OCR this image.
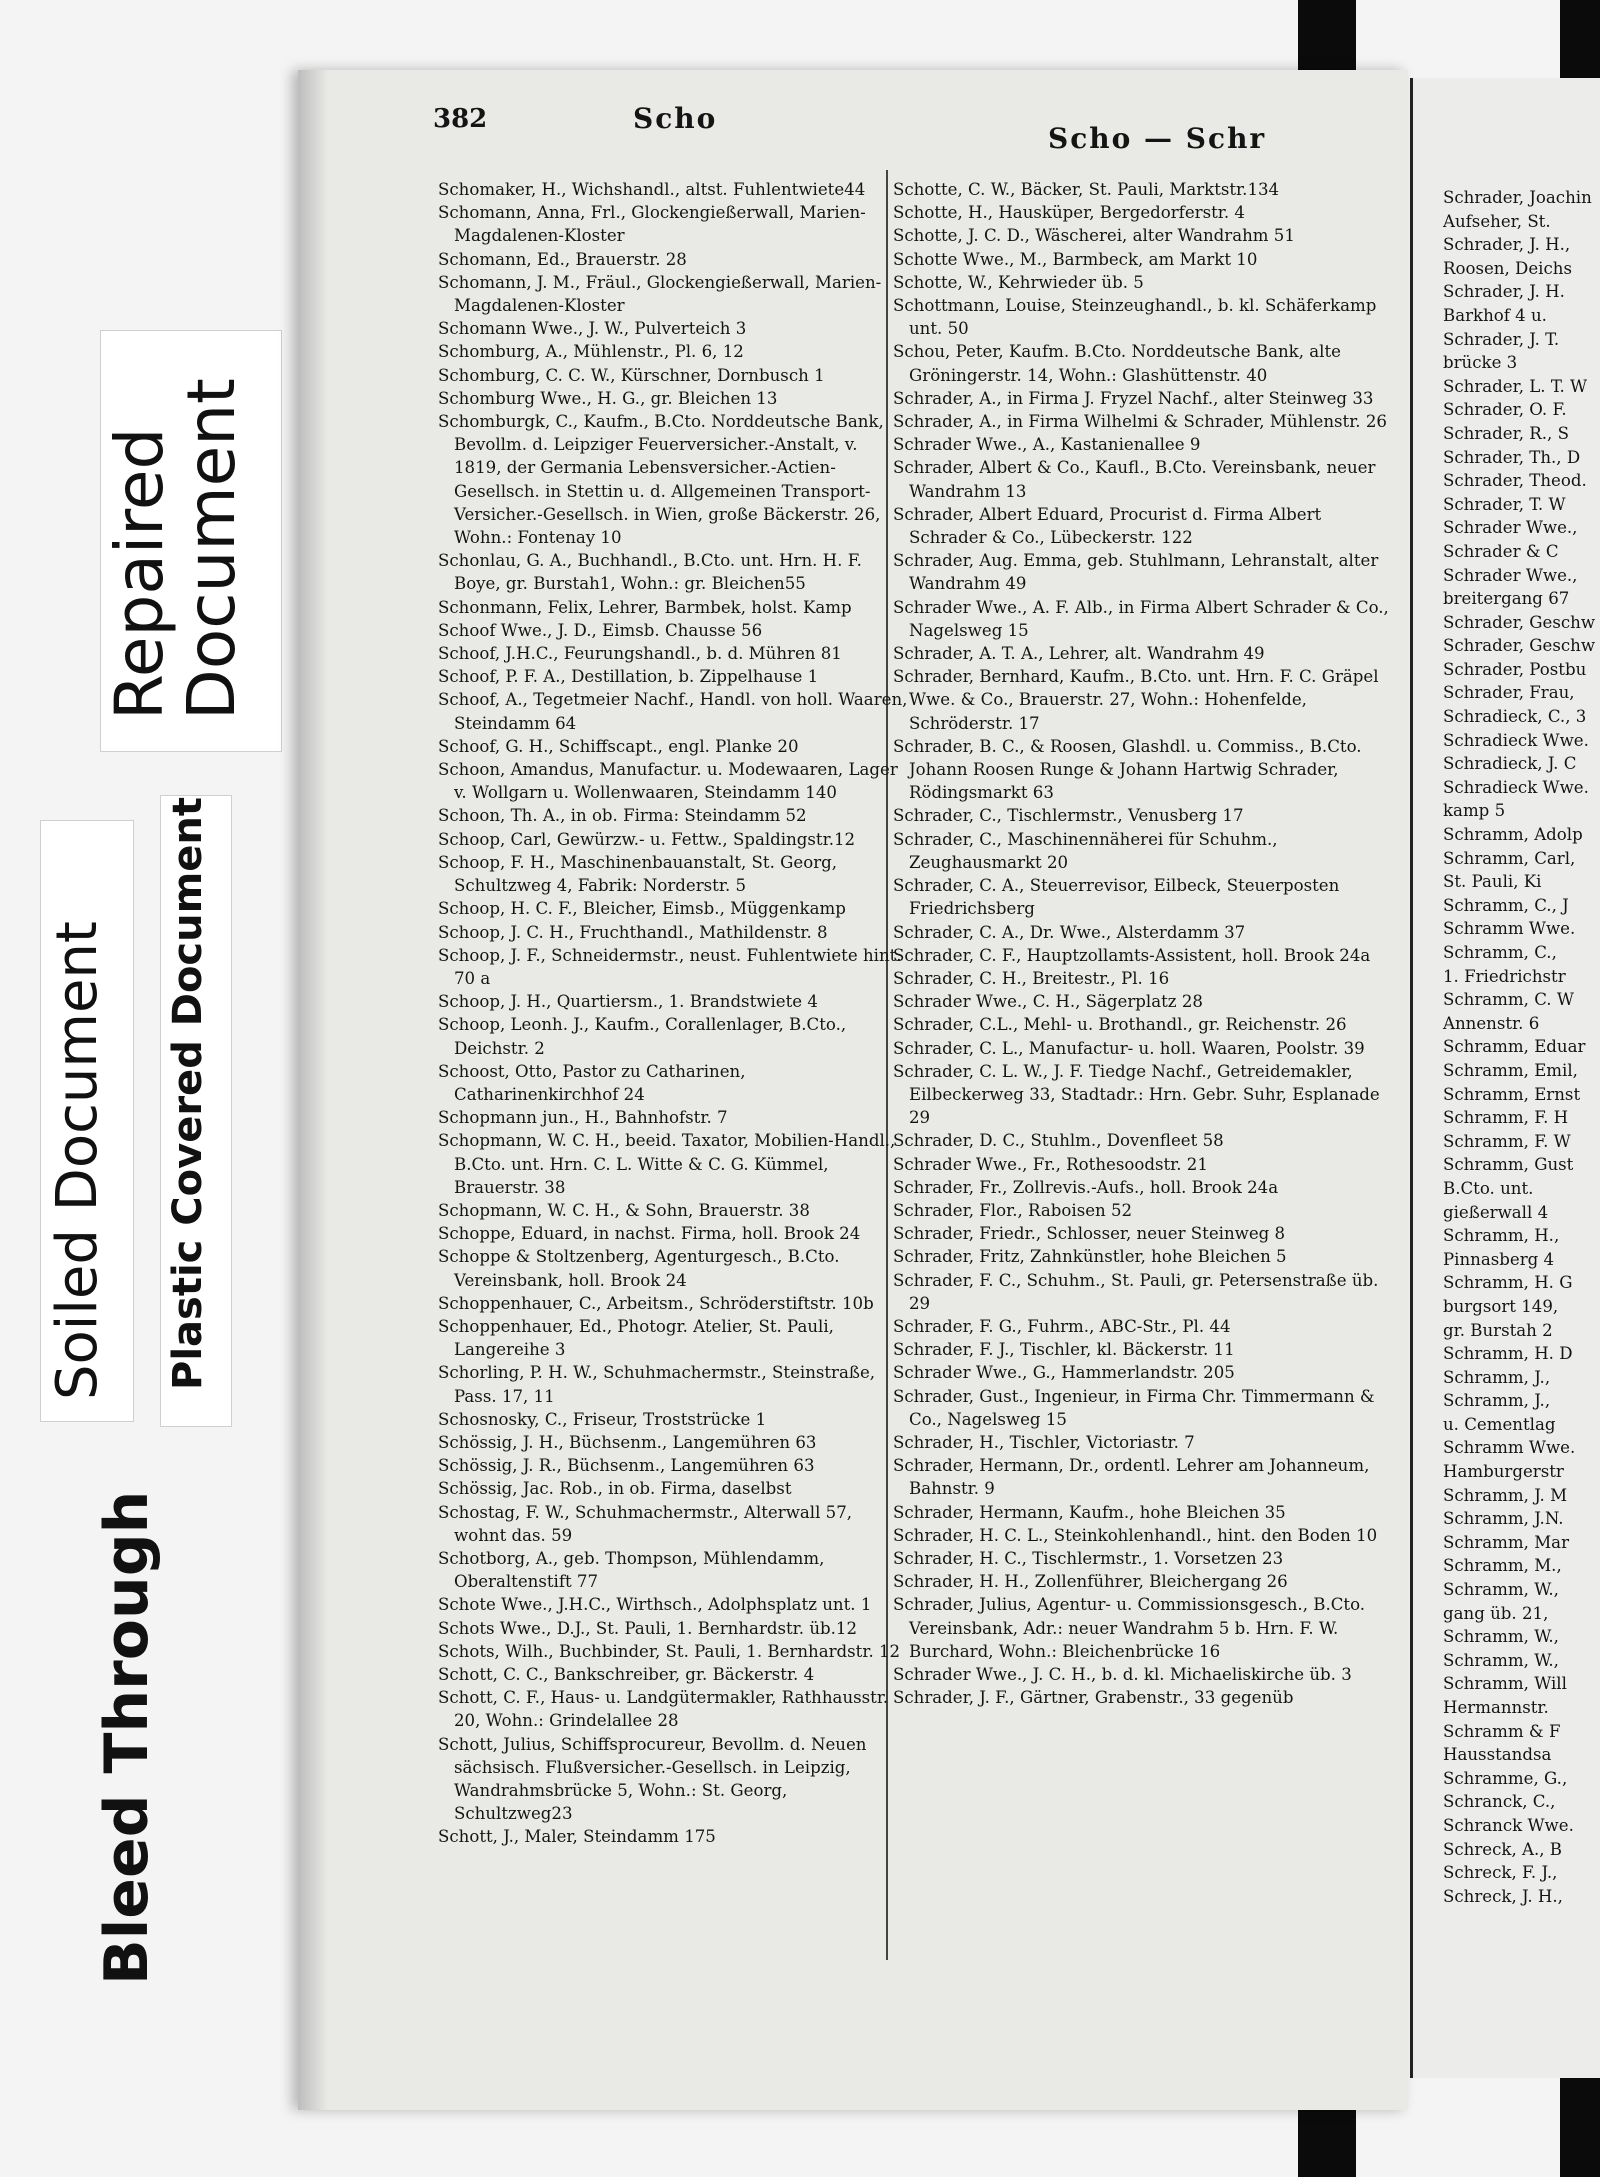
Bleed Through
Soiled Document Plastic Covered Document
Repaired Document
382	Scho
Scho — Schr

Schomaker, H., Wichshandl., altst. Fuhlentwiete44

Schomann, Anna, Frl., Glockengießerwall, Marien-Magdalenen-Kloster

Schomann, Ed., Brauerstr. 28

Schomann, J. M., Fräul., Glockengießerwall, Marien-Magdalenen-Kloster

Schomann Wwe., J. W., Pulverteich 3

Schomburg, A., Mühlenstr., Pl. 6, 12

Schomburg, C. C. W., Kürschner, Dornbusch 1

Schomburg Wwe., H. G., gr. Bleichen 13

Schomburgk, C., Kaufm., B.Cto. Norddeutsche Bank, Bevollm. d. Leipziger Feuerversicher.-Anstalt, v. 1819, der Germania Lebensversicher.-Actien-Gesellsch. in Stettin u. d. Allgemeinen Transport-Versicher.-Gesellsch. in Wien, große Bäckerstr. 26, Wohn.: Fontenay 10

Schonlau, G. A., Buchhandl., B.Cto. unt. Hrn. H. F. Boye, gr. Burstah1, Wohn.: gr. Bleichen55

Schonmann, Felix, Lehrer, Barmbek, holst. Kamp

Schoof Wwe., J. D., Eimsb. Chausse 56

Schoof, J.H.C., Feurungshandl., b. d. Mühren 81

Schoof, P. F. A., Destillation, b. Zippelhause 1

Schoof, A., Tegetmeier Nachf., Handl. von holl. Waaren, Steindamm 64

Schoof, G. H., Schiffscapt., engl. Planke 20

Schoon, Amandus, Manufactur. u. Modewaaren, Lager v. Wollgarn u. Wollenwaaren, Steindamm 140

Schoon, Th. A., in ob. Firma: Steindamm 52

Schoop, Carl, Gewürzw.- u. Fettw., Spaldingstr.12

Schoop, F. H., Maschinenbauanstalt, St. Georg, Schultzweg 4, Fabrik: Norderstr. 5

Schoop, H. C. F., Bleicher, Eimsb., Müggenkamp

Schoop, J. C. H., Fruchthandl., Mathildenstr. 8

Schoop, J. F., Schneidermstr., neust. Fuhlentwiete hint. 70 a

Schoop, J. H., Quartiersm., 1. Brandstwiete 4

Schoop, Leonh. J., Kaufm., Corallenlager, B.Cto., Deichstr. 2

Schoost, Otto, Pastor zu Catharinen, Catharinenkirchhof 24

Schopmann jun., H., Bahnhofstr. 7

Schopmann, W. C. H., beeid. Taxator, Mobilien-Handl., B.Cto. unt. Hrn. C. L. Witte & C. G. Kümmel, Brauerstr. 38

Schopmann, W. C. H., & Sohn, Brauerstr. 38

Schoppe, Eduard, in nachst. Firma, holl. Brook 24

Schoppe & Stoltzenberg, Agenturgesch., B.Cto. Vereinsbank, holl. Brook 24

Schoppenhauer, C., Arbeitsm., Schröderstiftstr. 10b

Schoppenhauer, Ed., Photogr. Atelier, St. Pauli, Langereihe 3

Schorling, P. H. W., Schuhmachermstr., Steinstraße, Pass. 17, 11

Schosnosky, C., Friseur, Troststrücke 1

Schössig, J. H., Büchsenm., Langemühren 63

Schössig, J. R., Büchsenm., Langemühren 63

Schössig, Jac. Rob., in ob. Firma, daselbst

Schostag, F. W., Schuhmachermstr., Alterwall 57, wohnt das. 59

Schotborg, A., geb. Thompson, Mühlendamm, Oberaltenstift 77

Schote Wwe., J.H.C., Wirthsch., Adolphsplatz unt. 1

Schots Wwe., D.J., St. Pauli, 1. Bernhardstr. üb.12

Schots, Wilh., Buchbinder, St. Pauli, 1. Bernhardstr. 12

Schott, C. C., Bankschreiber, gr. Bäckerstr. 4

Schott, C. F., Haus- u. Landgütermakler, Rathhausstr. 20, Wohn.: Grindelallee 28

Schott, Julius, Schiffsprocureur, Bevollm. d. Neuen sächsisch. Flußversicher.-Gesellsch. in Leipzig, Wandrahmsbrücke 5, Wohn.: St. Georg, Schultzweg23

Schott, J., Maler, Steindamm 175

Schotte, C. W., Bäcker, St. Pauli, Marktstr.134

Schotte, H., Hausküper, Bergedorferstr. 4

Schotte, J. C. D., Wäscherei, alter Wandrahm 51

Schotte Wwe., M., Barmbeck, am Markt 10

Schotte, W., Kehrwieder üb. 5

Schottmann, Louise, Steinzeughandl., b. kl. Schäferkamp unt. 50

Schou, Peter, Kaufm. B.Cto. Norddeutsche Bank, alte Gröningerstr. 14, Wohn.: Glashüttenstr. 40

Schrader, A., in Firma J. Fryzel Nachf., alter Steinweg 33

Schrader, A., in Firma Wilhelmi & Schrader, Mühlenstr. 26

Schrader Wwe., A., Kastanienallee 9

Schrader, Albert & Co., Kaufl., B.Cto. Vereinsbank, neuer Wandrahm 13

Schrader, Albert Eduard, Procurist d. Firma Albert Schrader & Co., Lübeckerstr. 122

Schrader, Aug. Emma, geb. Stuhlmann, Lehranstalt, alter Wandrahm 49

Schrader Wwe., A. F. Alb., in Firma Albert Schrader & Co., Nagelsweg 15

Schrader, A. T. A., Lehrer, alt. Wandrahm 49

Schrader, Bernhard, Kaufm., B.Cto. unt. Hrn. F. C. Gräpel Wwe. & Co., Brauerstr. 27, Wohn.: Hohenfelde, Schröderstr. 17

Schrader, B. C., & Roosen, Glashdl. u. Commiss., B.Cto. Johann Roosen Runge & Johann Hartwig Schrader, Rödingsmarkt 63

Schrader, C., Tischlermstr., Venusberg 17

Schrader, C., Maschinennäherei für Schuhm., Zeughausmarkt 20

Schrader, C. A., Steuerrevisor, Eilbeck, Steuerposten Friedrichsberg

Schrader, C. A., Dr. Wwe., Alsterdamm 37

Schrader, C. F., Hauptzollamts-Assistent, holl. Brook 24a

Schrader, C. H., Breitestr., Pl. 16

Schrader Wwe., C. H., Sägerplatz 28

Schrader, C.L., Mehl- u. Brothandl., gr. Reichenstr. 26

Schrader, C. L., Manufactur- u. holl. Waaren, Poolstr. 39

Schrader, C. L. W., J. F. Tiedge Nachf., Getreidemakler, Eilbeckerweg 33, Stadtadr.: Hrn. Gebr. Suhr, Esplanade 29

Schrader, D. C., Stuhlm., Dovenfleet 58

Schrader Wwe., Fr., Rothesoodstr. 21

Schrader, Fr., Zollrevis.-Aufs., holl. Brook 24a

Schrader, Flor., Raboisen 52

Schrader, Friedr., Schlosser, neuer Steinweg 8

Schrader, Fritz, Zahnkünstler, hohe Bleichen 5

Schrader, F. C., Schuhm., St. Pauli, gr. Petersenstraße üb. 29

Schrader, F. G., Fuhrm., ABC-Str., Pl. 44

Schrader, F. J., Tischler, kl. Bäckerstr. 11

Schrader Wwe., G., Hammerlandstr. 205

Schrader, Gust., Ingenieur, in Firma Chr. Timmermann & Co., Nagelsweg 15

Schrader, H., Tischler, Victoriastr. 7

Schrader, Hermann, Dr., ordentl. Lehrer am Johanneum, Bahnstr. 9

Schrader, Hermann, Kaufm., hohe Bleichen 35

Schrader, H. C. L., Steinkohlenhandl., hint. den Boden 10

Schrader, H. C., Tischlermstr., 1. Vorsetzen 23

Schrader, H. H., Zollenführer, Bleichergang 26

Schrader, Julius, Agentur- u. Commissionsgesch., B.Cto. Vereinsbank, Adr.: neuer Wandrahm 5 b. Hrn. F. W. Burchard, Wohn.: Bleichenbrücke 16

Schrader Wwe., J. C. H., b. d. kl. Michaeliskirche üb. 3

Schrader, J. F., Gärtner, Grabenstr., 33 gegenüb

Schrader, Joachin

Aufseher, St.

Schrader, J. H.,

Roosen, Deichs

Schrader, J. H.

Barkhof 4 u.

Schrader, J. T.

brücke 3

Schrader, L. T. W

Schrader, O. F.

Schrader, R., S

Schrader, Th., D

Schrader, Theod.

Schrader, T. W

Schrader Wwe.,

Schrader & C

Schrader Wwe.,

breitergang 67

Schrader, Geschw

Schrader, Geschw

Schrader, Postbu

Schrader, Frau,

Schradieck, C., 3

Schradieck Wwe.

Schradieck, J. C

Schradieck Wwe.

kamp 5

Schramm, Adolp

Schramm, Carl,

St. Pauli, Ki

Schramm, C., J

Schramm Wwe.

Schramm, C.,

1. Friedrichstr

Schramm, C. W

Annenstr. 6

Schramm, Eduar

Schramm, Emil,

Schramm, Ernst

Schramm, F. H

Schramm, F. W

Schramm, Gust

B.Cto. unt.

gießerwall 4

Schramm, H.,

Pinnasberg 4

Schramm, H. G

burgsort 149,

gr. Burstah 2

Schramm, H. D

Schramm, J.,

Schramm, J.,

u. Cementlag

Schramm Wwe.

Hamburgerstr

Schramm, J. M

Schramm, J.N.

Schramm, Mar

Schramm, M.,

Schramm, W.,

gang üb. 21,

Schramm, W.,

Schramm, W.,

Schramm, Will

Hermannstr.

Schramm & F

Hausstandsa

Schramme, G.,

Schranck, C.,

Schranck Wwe.

Schreck, A., B

Schreck, F. J.,

Schreck, J. H.,
